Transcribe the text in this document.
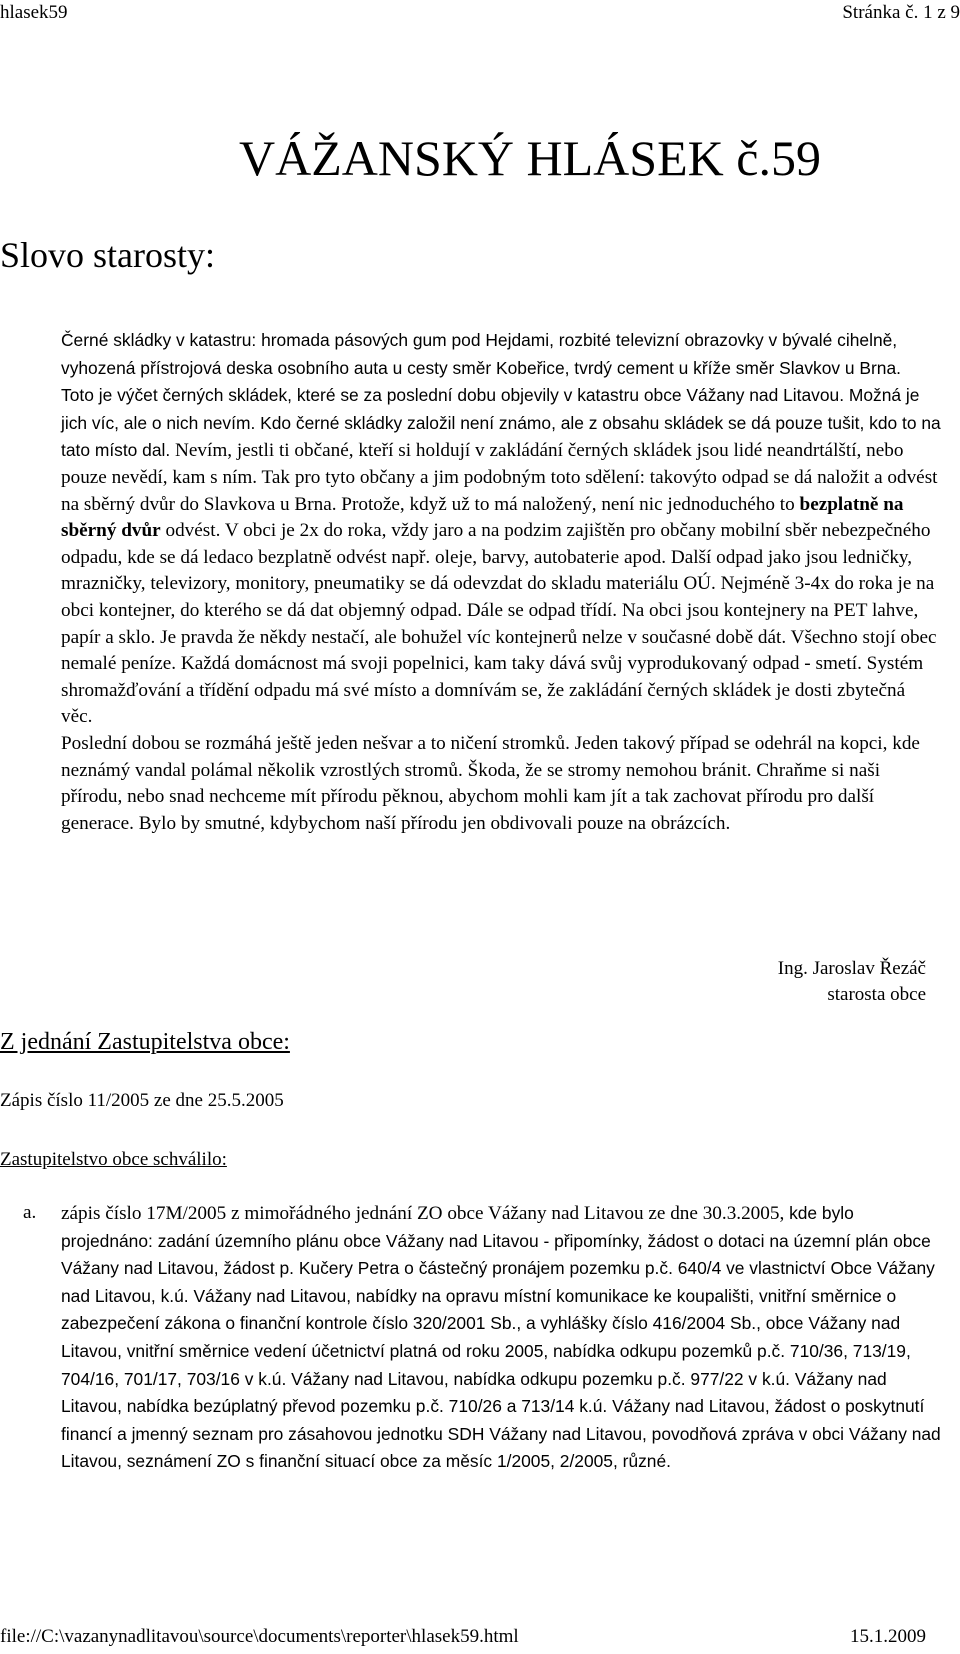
hlasek59	Stránka č. 1 z 9
VÁŽANSKÝ HLÁSEK č.59
Slovo starosty:
Černé skládky v katastru: hromada pásových gum pod Hejdami, rozbité televizní obrazovky v bývalé cihelně, vyhozená přístrojová deska osobního auta u cesty směr Kobeřice, tvrdý cement u kříže směr Slavkov u Brna.
Toto je výčet černých skládek, které se za poslední dobu objevily v katastru obce Vážany nad Litavou. Možná je jich víc, ale o nich nevím. Kdo černé skládky založil není známo, ale z obsahu skládek se dá pouze tušit, kdo to na tato místo dal. Nevím, jestli ti občané, kteří si holdují v zakládání černých skládek jsou lidé neandrtálští, nebo pouze nevědí, kam s ním. Tak pro tyto občany a jim podobným toto sdělení: takovýto odpad se dá naložit a odvést na sběrný dvůr do Slavkova u Brna. Protože, když už to má naložený, není nic jednoduchého to bezplatně na sběrný dvůr odvést. V obci je 2x do roka, vždy jaro a na podzim zajištěn pro občany mobilní sběr nebezpečného odpadu, kde se dá ledaco bezplatně odvést např. oleje, barvy, autobaterie apod. Další odpad jako jsou ledničky, mrazničky, televizory, monitory, pneumatiky se dá odevzdat do skladu materiálu OÚ. Nejméně 3-4x do roka je na obci kontejner, do kterého se dá dat objemný odpad. Dále se odpad třídí. Na obci jsou kontejnery na PET lahve, papír a sklo. Je pravda že někdy nestačí, ale bohužel víc kontejnerů nelze v současné době dát. Všechno stojí obec nemalé peníze. Každá domácnost má svoji popelnici, kam taky dává svůj vyprodukovaný odpad - smetí. Systém shromažďování a třídění odpadu má své místo a domnívám se, že zakládání černých skládek je dosti zbytečná věc.
Poslední dobou se rozmáhá ještě jeden nešvar a to ničení stromků. Jeden takový případ se odehrál na kopci, kde neznámý vandal polámal několik vzrostlých stromů. Škoda, že se stromy nemohou bránit. Chraňme si naši přírodu, nebo snad nechceme mít přírodu pěknou, abychom mohli kam jít a tak zachovat přírodu pro další generace. Bylo by smutné, kdybychom naší přírodu jen obdivovali pouze na obrázcích.
Ing. Jaroslav Řezáč
starosta obce
Z jednání Zastupitelstva obce:
Zápis číslo 11/2005 ze dne 25.5.2005
Zastupitelstvo obce schválilo:
a. zápis číslo 17M/2005 z mimořádného jednání ZO obce Vážany nad Litavou ze dne 30.3.2005, kde bylo projednáno: zadání územního plánu obce Vážany nad Litavou - připomínky, žádost o dotaci na územní plán obce Vážany nad Litavou, žádost p. Kučery Petra o částečný pronájem pozemku p.č. 640/4 ve vlastnictví Obce Vážany nad Litavou, k.ú. Vážany nad Litavou, nabídky na opravu místní komunikace ke koupališti, vnitřní směrnice o zabezpečení zákona o finanční kontrole číslo 320/2001 Sb., a vyhlášky číslo 416/2004 Sb., obce Vážany nad Litavou, vnitřní směrnice vedení účetnictví platná od roku 2005, nabídka odkupu pozemků p.č. 710/36, 713/19, 704/16, 701/17, 703/16 v k.ú. Vážany nad Litavou, nabídka odkupu pozemku p.č. 977/22 v k.ú. Vážany nad Litavou, nabídka bezúplatný převod pozemku p.č. 710/26 a 713/14 k.ú. Vážany nad Litavou, žádost o poskytnutí financí a jmenný seznam pro zásahovou jednotku SDH Vážany nad Litavou, povodňová zpráva v obci Vážany nad Litavou, seznámení ZO s finanční situací obce za měsíc 1/2005, 2/2005, různé.
file://C:\vazanynadlitavou\source\documents\reporter\hlasek59.html	15.1.2009
